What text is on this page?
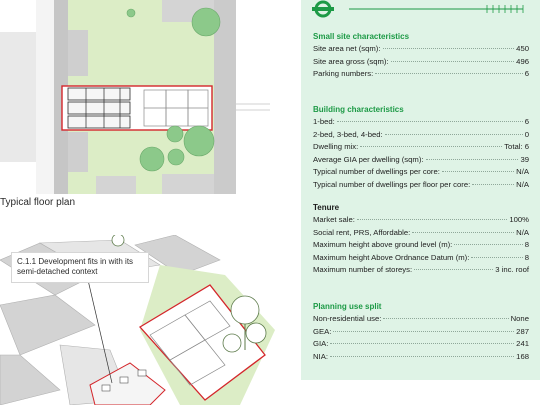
Typical floor plan
C.1.1 Development fits in with its semi-detached context
Small site characteristics
Site area net (sqm):	450
Site area gross (sqm):	496
Parking numbers:	6
Building characteristics
1-bed:	6
2-bed, 3-bed, 4-bed:	0
Dwelling mix:	Total: 6
Average GIA per dwelling (sqm):	39
Typical number of dwellings per core:	N/A
Typical number of dwellings per floor per core:	N/A
Tenure
Market sale:	100%
Social rent, PRS, Affordable:	N/A
Maximum height above ground level (m):	8
Maximum height Above Ordnance Datum (m):	8
Maximum number of storeys:	3 inc. roof
Planning use split
Non-residential use:	None
GEA:	287
GIA:	241
NIA:	168
